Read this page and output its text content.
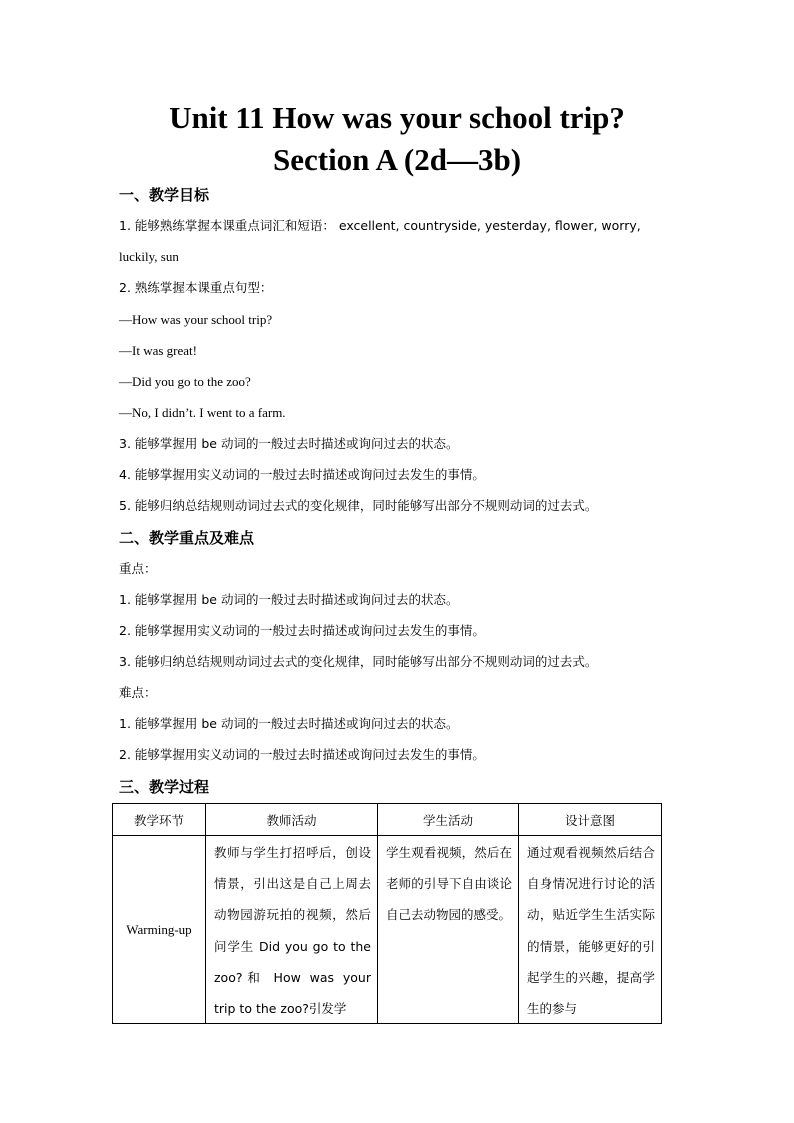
Unit 11 How was your school trip?
Section A (2d—3b)
一、教学目标

1. 能够熟练掌握本课重点词汇和短语： excellent, countryside, yesterday, flower, worry,

luckily, sun

2. 熟练掌握本课重点句型：

—How was your school trip?

—It was great!

—Did you go to the zoo?

—No, I didn’t. I went to a farm.

3. 能够掌握用 be 动词的一般过去时描述或询问过去的状态。

4. 能够掌握用实义动词的一般过去时描述或询问过去发生的事情。

5. 能够归纳总结规则动词过去式的变化规律，同时能够写出部分不规则动词的过去式。

二、教学重点及难点

重点：

1. 能够掌握用 be 动词的一般过去时描述或询问过去的状态。

2. 能够掌握用实义动词的一般过去时描述或询问过去发生的事情。

3. 能够归纳总结规则动词过去式的变化规律，同时能够写出部分不规则动词的过去式。

难点：

1. 能够掌握用 be 动词的一般过去时描述或询问过去的状态。

2. 能够掌握用实义动词的一般过去时描述或询问过去发生的事情。

三、教学过程
教学环节	教师活动	学生活动	设计意图
Warming-up	教师与学生打招呼后，创设情景，引出这是自己上周去动物园游玩拍的视频，然后问学生 Did you go to the zoo?和 How was your trip to the zoo?引发学	学生观看视频，然后在老师的引导下自由谈论自己去动物园的感受。	通过观看视频然后结合自身情况进行讨论的活动，贴近学生生活实际的情景，能够更好的引起学生的兴趣，提高学生的参与
